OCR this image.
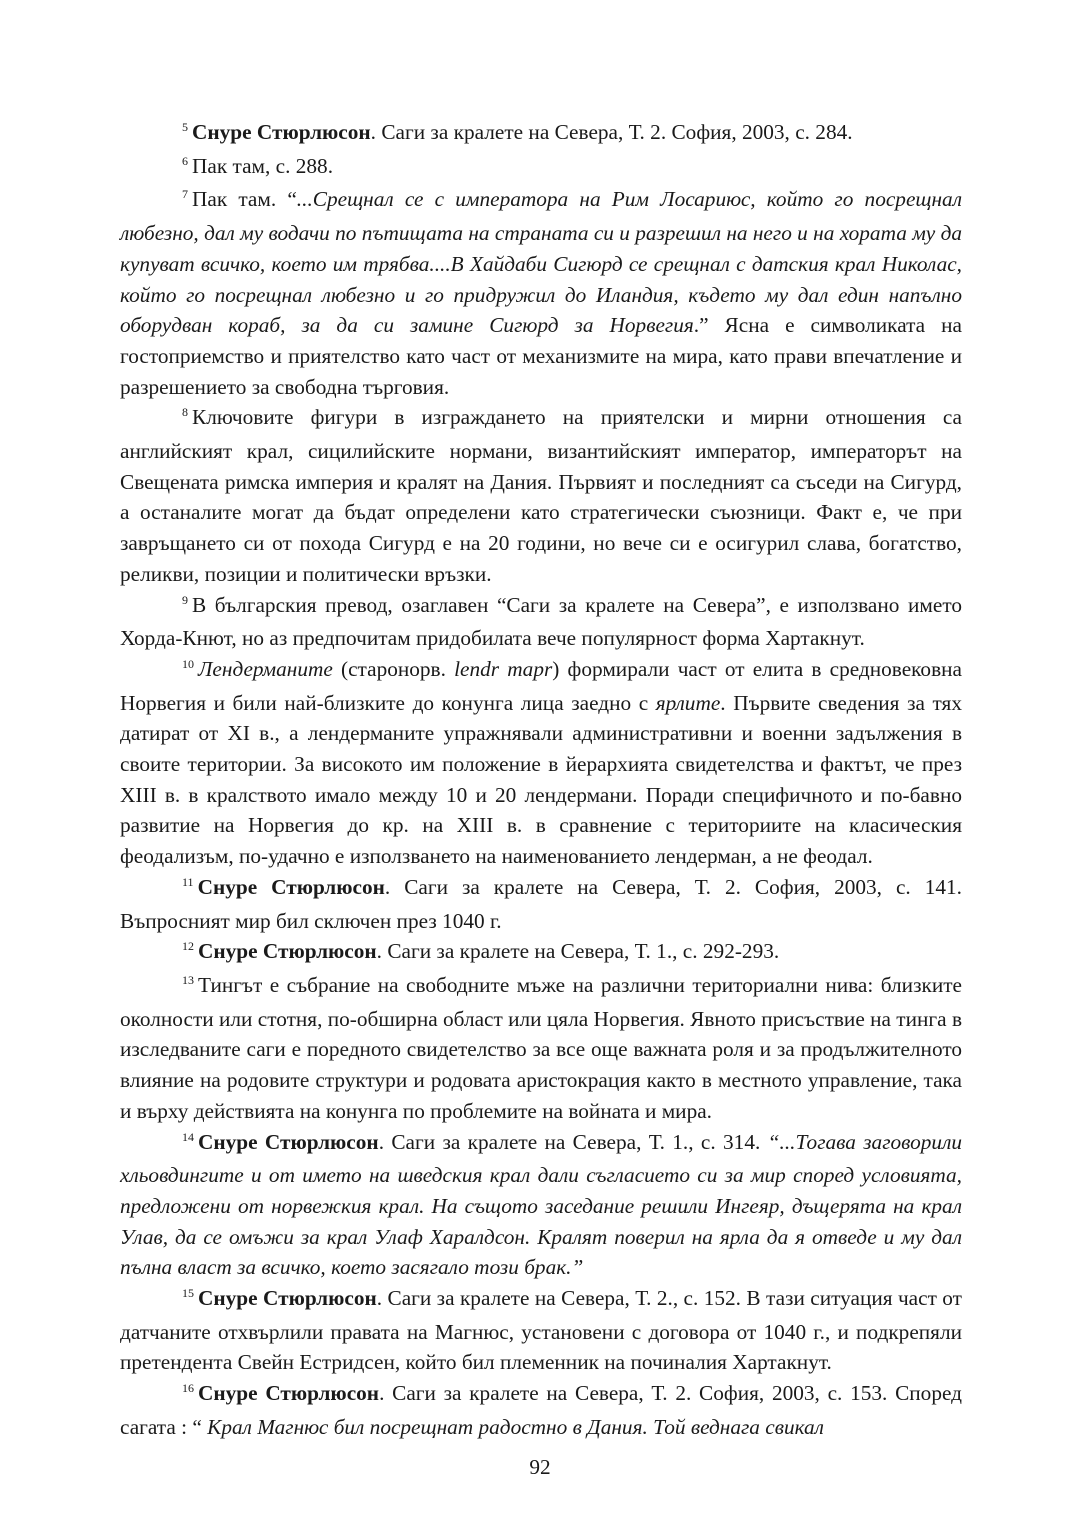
$^5$ Снуре Стюрлюсон. Саги за кралете на Севера, Т. 2. София, 2003, с. 284.

$^6$ Пак там, с. 288.

$^7$ Пак там. “...Срещнал се с императора на Рим Лосариюс, който го посрещнал любезно, дал му водачи по пътищата на страната си и разрешил на него и на хората му да купуват всичко, което им трябва....В Хайдаби Сигюрд се срещнал с датския крал Николас, който го посрещнал любезно и го придружил до Иландия, където му дал един напълно оборудван кораб, за да си замине Сигюрд за Норвегия.” Ясна е символиката на гостоприемство и приятелство като част от механизмите на мира, като прави впечатление и разрешението за свободна търговия.

$^8$ Ключовите фигури в изграждането на приятелски и мирни отношения са английският крал, сицилийските нормани, византийският император, императорът на Свещената римска империя и кралят на Дания. Първият и последният са съседи на Сигурд, а останалите могат да бъдат определени като стратегически съюзници. Факт е, че при завръщането си от похода Сигурд е на 20 години, но вече си е осигурил слава, богатство, реликви, позиции и политически връзки.

$^9$ В българския превод, озаглавен “Саги за кралете на Севера”, е използвано името Хорда-Кнют, но аз предпочитам придобилата вече популярност форма Хартакнут.

$^{10}$ Лендерманите (старонорв. lendr mapr) формирали част от елита в средновековна Норвегия и били най-близките до конунга лица заедно с ярлите. Първите сведения за тях датират от XI в., а лендерманите упражнявали административни и военни задължения в своите територии. За високото им положение в йерархията свидетелства и фактът, че през XIII в. в кралството имало между 10 и 20 лендермани. Поради специфичното и по-бавно развитие на Норвегия до кр. на XIII в. в сравнение с териториите на класическия феодализъм, по-удачно е използването на наименованието лендерман, а не феодал.

$^{11}$ Снуре Стюрлюсон. Саги за кралете на Севера, Т. 2. София, 2003, с. 141. Въпросният мир бил сключен през 1040 г.

$^{12}$ Снуре Стюрлюсон. Саги за кралете на Севера, Т. 1., с. 292-293.

$^{13}$ Тингът е събрание на свободните мъже на различни териториални нива: близките околности или стотня, по-обширна област или цяла Норвегия. Явното присъствие на тинга в изследваните саги е поредното свидетелство за все още важната роля и за продължителното влияние на родовите структури и родовата аристокрация както в местното управление, така и върху действията на конунга по проблемите на войната и мира.

$^{14}$ Снуре Стюрлюсон. Саги за кралете на Севера, Т. 1., с. 314. “...Тогава заговорили хльовдингите и от името на шведския крал дали съгласието си за мир според условията, предложени от норвежкия крал. На същото заседание решили Ингеяр, дъщерята на крал Улав, да се омъжи за крал Улаф Харалдсон. Кралят поверил на ярла да я отведе и му дал пълна власт за всичко, което засягало този брак.”

$^{15}$ Снуре Стюрлюсон. Саги за кралете на Севера, Т. 2., с. 152. В тази ситуация част от датчаните отхвърлили правата на Магнюс, установени с договора от 1040 г., и подкрепяли претендента Свейн Естридсен, който бил племенник на починалия Хартакнут.

$^{16}$ Снуре Стюрлюсон. Саги за кралете на Севера, Т. 2. София, 2003, с. 153. Според сагата : “ Крал Магнюс бил посрещнат радостно в Дания. Той веднага свикал

92
